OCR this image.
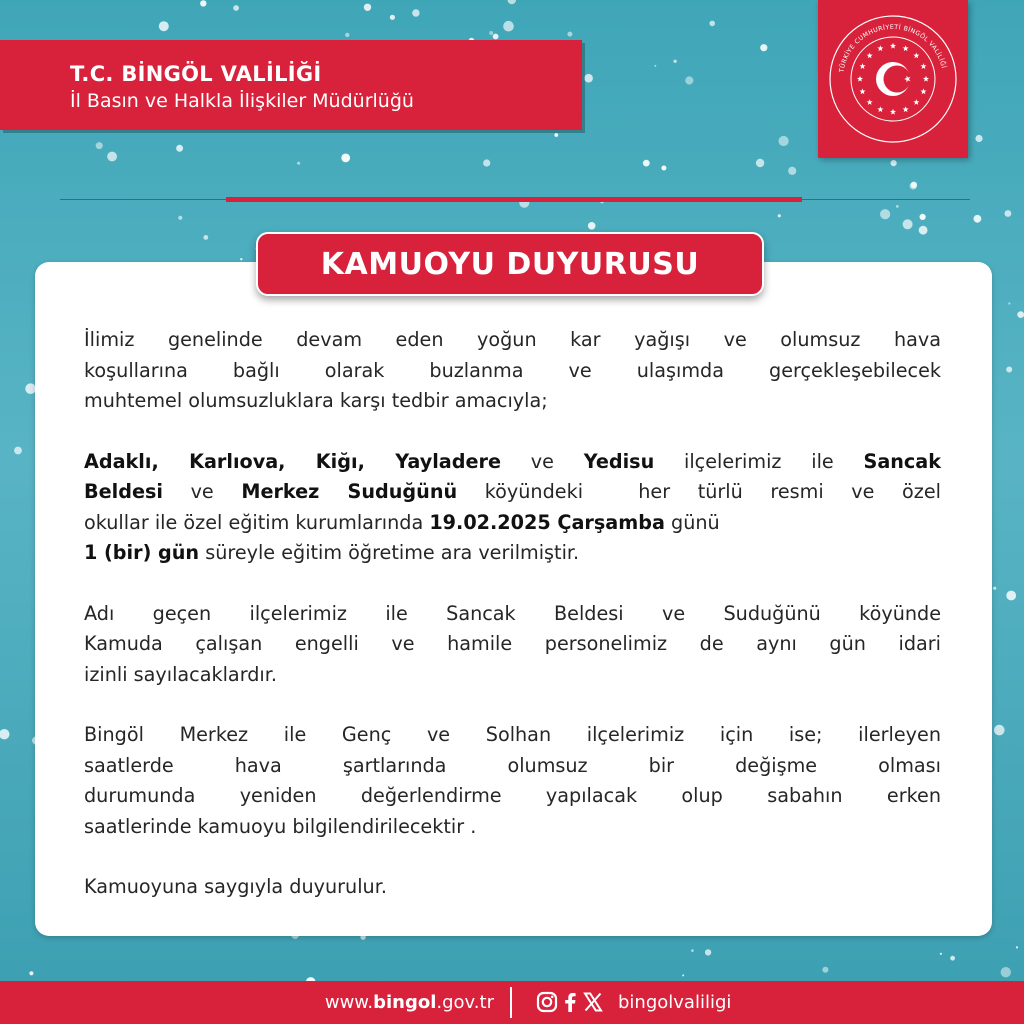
T.C. BİNGÖL VALİLİĞİ
İl Basın ve Halkla İlişkiler Müdürlüğü
TÜRKİYE CUMHURİYETİ BİNGÖL VALİLİĞİ
KAMUOYU DUYURUSU
İlimiz genelinde devam eden yoğun kar yağışı ve olumsuz hava
koşullarına bağlı olarak buzlanma ve ulaşımda gerçekleşebilecek
muhtemel olumsuzluklara karşı tedbir amacıyla;
Adaklı, Karlıova, Kiğı, Yayladere ve Yedisu ilçelerimiz ile Sancak
Beldesi ve Merkez Suduğünü köyündeki  her türlü resmi ve özel
okullar ile özel eğitim kurumlarında 19.02.2025 Çarşamba günü
1 (bir) gün süreyle eğitim öğretime ara verilmiştir.
Adı geçen ilçelerimiz ile Sancak Beldesi ve Suduğünü köyünde
Kamuda çalışan engelli ve hamile personelimiz de aynı gün idari
izinli sayılacaklardır.
Bingöl Merkez ile Genç ve Solhan ilçelerimiz için ise; ilerleyen
saatlerde hava şartlarında olumsuz bir değişme olması
durumunda yeniden değerlendirme yapılacak olup sabahın erken
saatlerinde kamuoyu bilgilendirilecektir .
Kamuoyuna saygıyla duyurulur.
www.bingol.gov.tr	bingolvaliligi
